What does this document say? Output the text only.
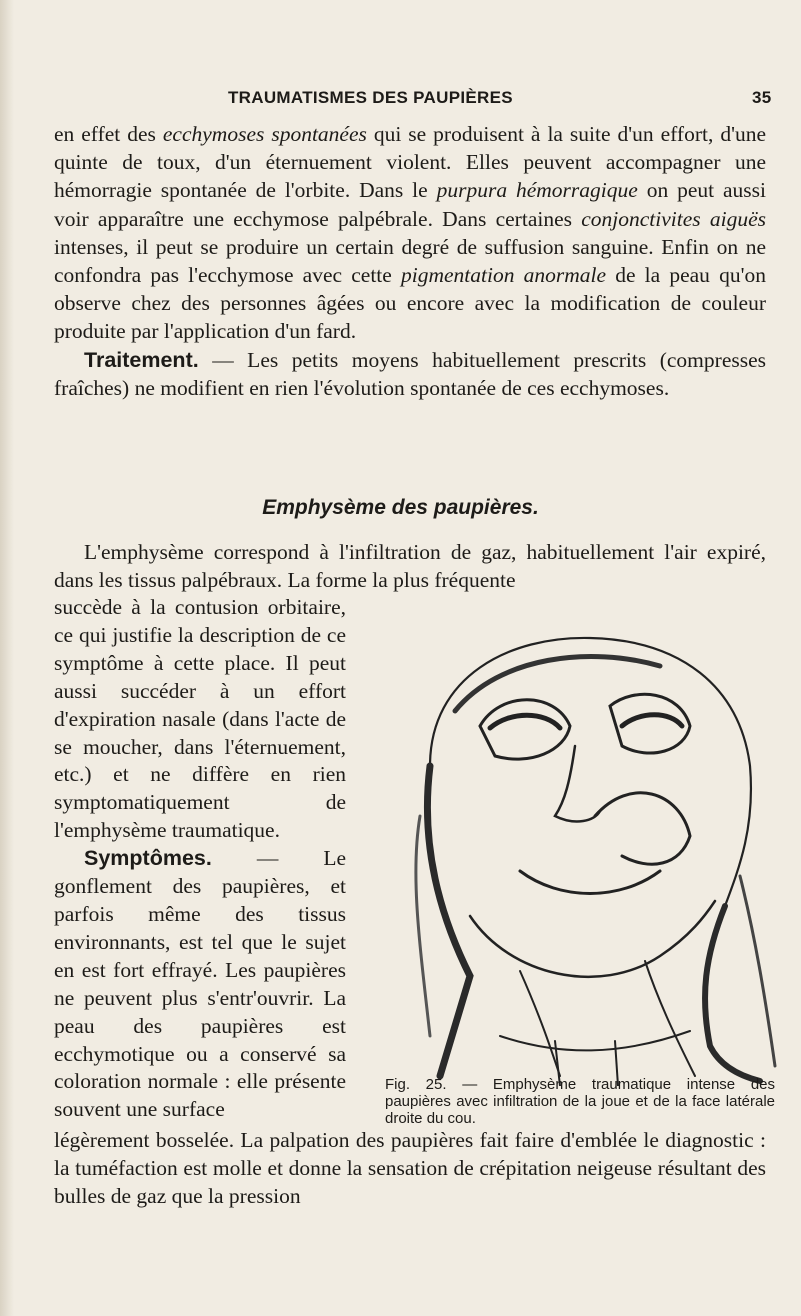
TRAUMATISMES DES PAUPIÈRES	35

en effet des ecchymoses spontanées qui se produisent à la suite d'un effort, d'une quinte de toux, d'un éternuement violent. Elles peuvent accompagner une hémorragie spontanée de l'orbite. Dans le purpura hémorragique on peut aussi voir apparaître une ecchymose palpébrale. Dans certaines conjonctivites aiguës intenses, il peut se produire un certain degré de suffusion sanguine. Enfin on ne confondra pas l'ecchymose avec cette pigmentation anormale de la peau qu'on observe chez des personnes âgées ou encore avec la modification de couleur produite par l'application d'un fard.

Traitement. — Les petits moyens habituellement prescrits (compresses fraîches) ne modifient en rien l'évolution spontanée de ces ecchymoses.

Emphysème des paupières.

L'emphysème correspond à l'infiltration de gaz, habituellement l'air expiré, dans les tissus palpébraux. La forme la plus fréquente

succède à la contusion orbitaire, ce qui justifie la description de ce symptôme à cette place. Il peut aussi succéder à un effort d'expiration nasale (dans l'acte de se moucher, dans l'éternuement, etc.) et ne diffère en rien symptomatiquement de l'emphysème traumatique.

Symptômes. — Le gonflement des paupières, et parfois même des tissus environnants, est tel que le sujet en est fort effrayé. Les paupières ne peuvent plus s'entr'ouvrir. La peau des paupières est ecchymotique ou a conservé sa coloration normale : elle présente souvent une surface

Fig. 25. — Emphysème traumatique intense des paupières avec infiltration de la joue et de la face latérale droite du cou.

légèrement bosselée. La palpation des paupières fait faire d'emblée le diagnostic : la tuméfaction est molle et donne la sensation de crépitation neigeuse résultant des bulles de gaz que la pression
